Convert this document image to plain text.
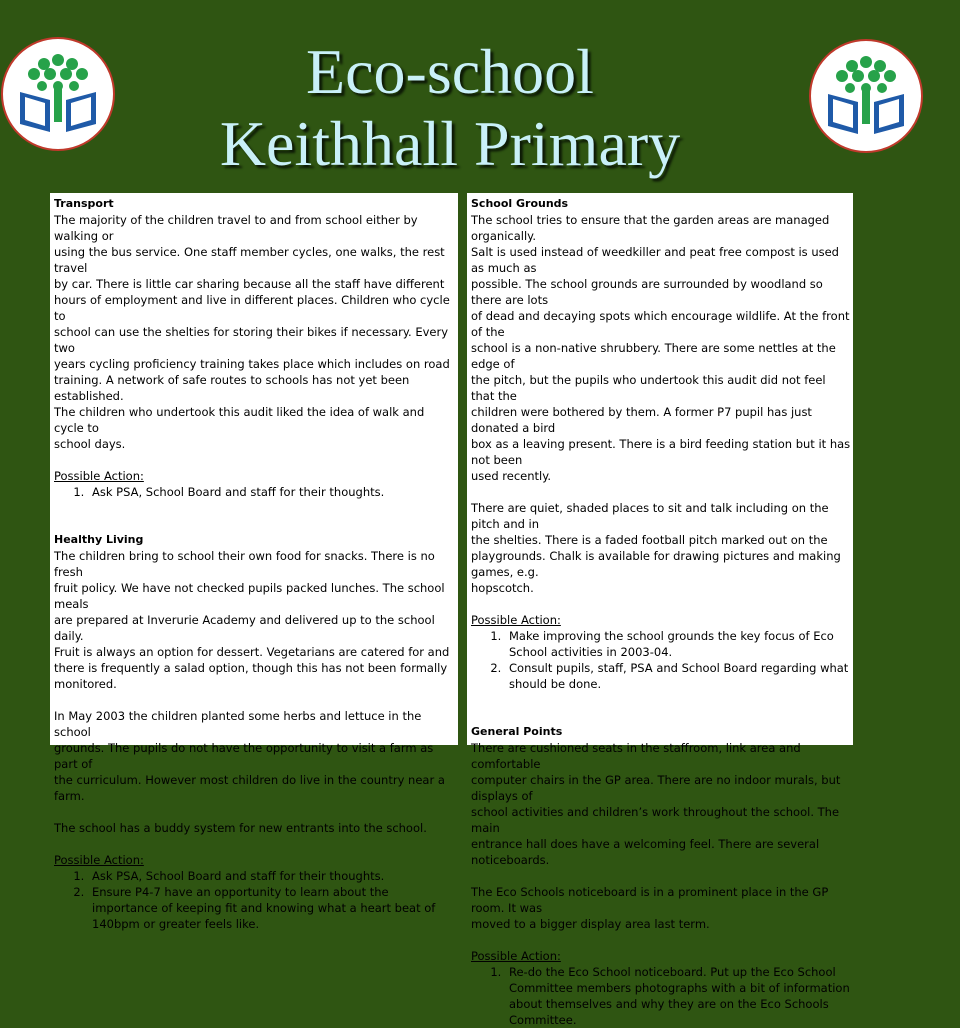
Eco-school
Keithhall Primary
Transport
The majority of the children travel to and from school either by walking or
using the bus service. One staff member cycles, one walks, the rest travel
by car. There is little car sharing because all the staff have different
hours of employment and live in different places. Children who cycle to
school can use the shelties for storing their bikes if necessary. Every two
years cycling proficiency training takes place which includes on road
training. A network of safe routes to schools has not yet been established.
The children who undertook this audit liked the idea of walk and cycle to
school days.
Possible Action:
1. Ask PSA, School Board and staff for their thoughts.
Healthy Living
The children bring to school their own food for snacks. There is no fresh
fruit policy. We have not checked pupils packed lunches. The school meals
are prepared at Inverurie Academy and delivered up to the school daily.
Fruit is always an option for dessert. Vegetarians are catered for and
there is frequently a salad option, though this has not been formally
monitored.
In May 2003 the children planted some herbs and lettuce in the school
grounds. The pupils do not have the opportunity to visit a farm as part of
the curriculum. However most children do live in the country near a farm.
The school has a buddy system for new entrants into the school.
Possible Action:
1. Ask PSA, School Board and staff for their thoughts.
2. Ensure P4-7 have an opportunity to learn about the importance of keeping fit and knowing what a heart beat of 140bpm or greater feels like.
School Grounds
The school tries to ensure that the garden areas are managed organically.
Salt is used instead of weedkiller and peat free compost is used as much as
possible. The school grounds are surrounded by woodland so there are lots
of dead and decaying spots which encourage wildlife. At the front of the
school is a non-native shrubbery. There are some nettles at the edge of
the pitch, but the pupils who undertook this audit did not feel that the
children were bothered by them. A former P7 pupil has just donated a bird
box as a leaving present. There is a bird feeding station but it has not been
used recently.
There are quiet, shaded places to sit and talk including on the pitch and in
the shelties. There is a faded football pitch marked out on the
playgrounds. Chalk is available for drawing pictures and making games, e.g.
hopscotch.
Possible Action:
1. Make improving the school grounds the key focus of Eco School activities in 2003-04.
2. Consult pupils, staff, PSA and School Board regarding what should be done.
General Points
There are cushioned seats in the staffroom, link area and comfortable
computer chairs in the GP area. There are no indoor murals, but displays of
school activities and children’s work throughout the school. The main
entrance hall does have a welcoming feel. There are several noticeboards.
The Eco Schools noticeboard is in a prominent place in the GP room. It was
moved to a bigger display area last term.
Possible Action:
1. Re-do the Eco School noticeboard. Put up the Eco School Committee members photographs with a bit of information about themselves and why they are on the Eco Schools Committee.
